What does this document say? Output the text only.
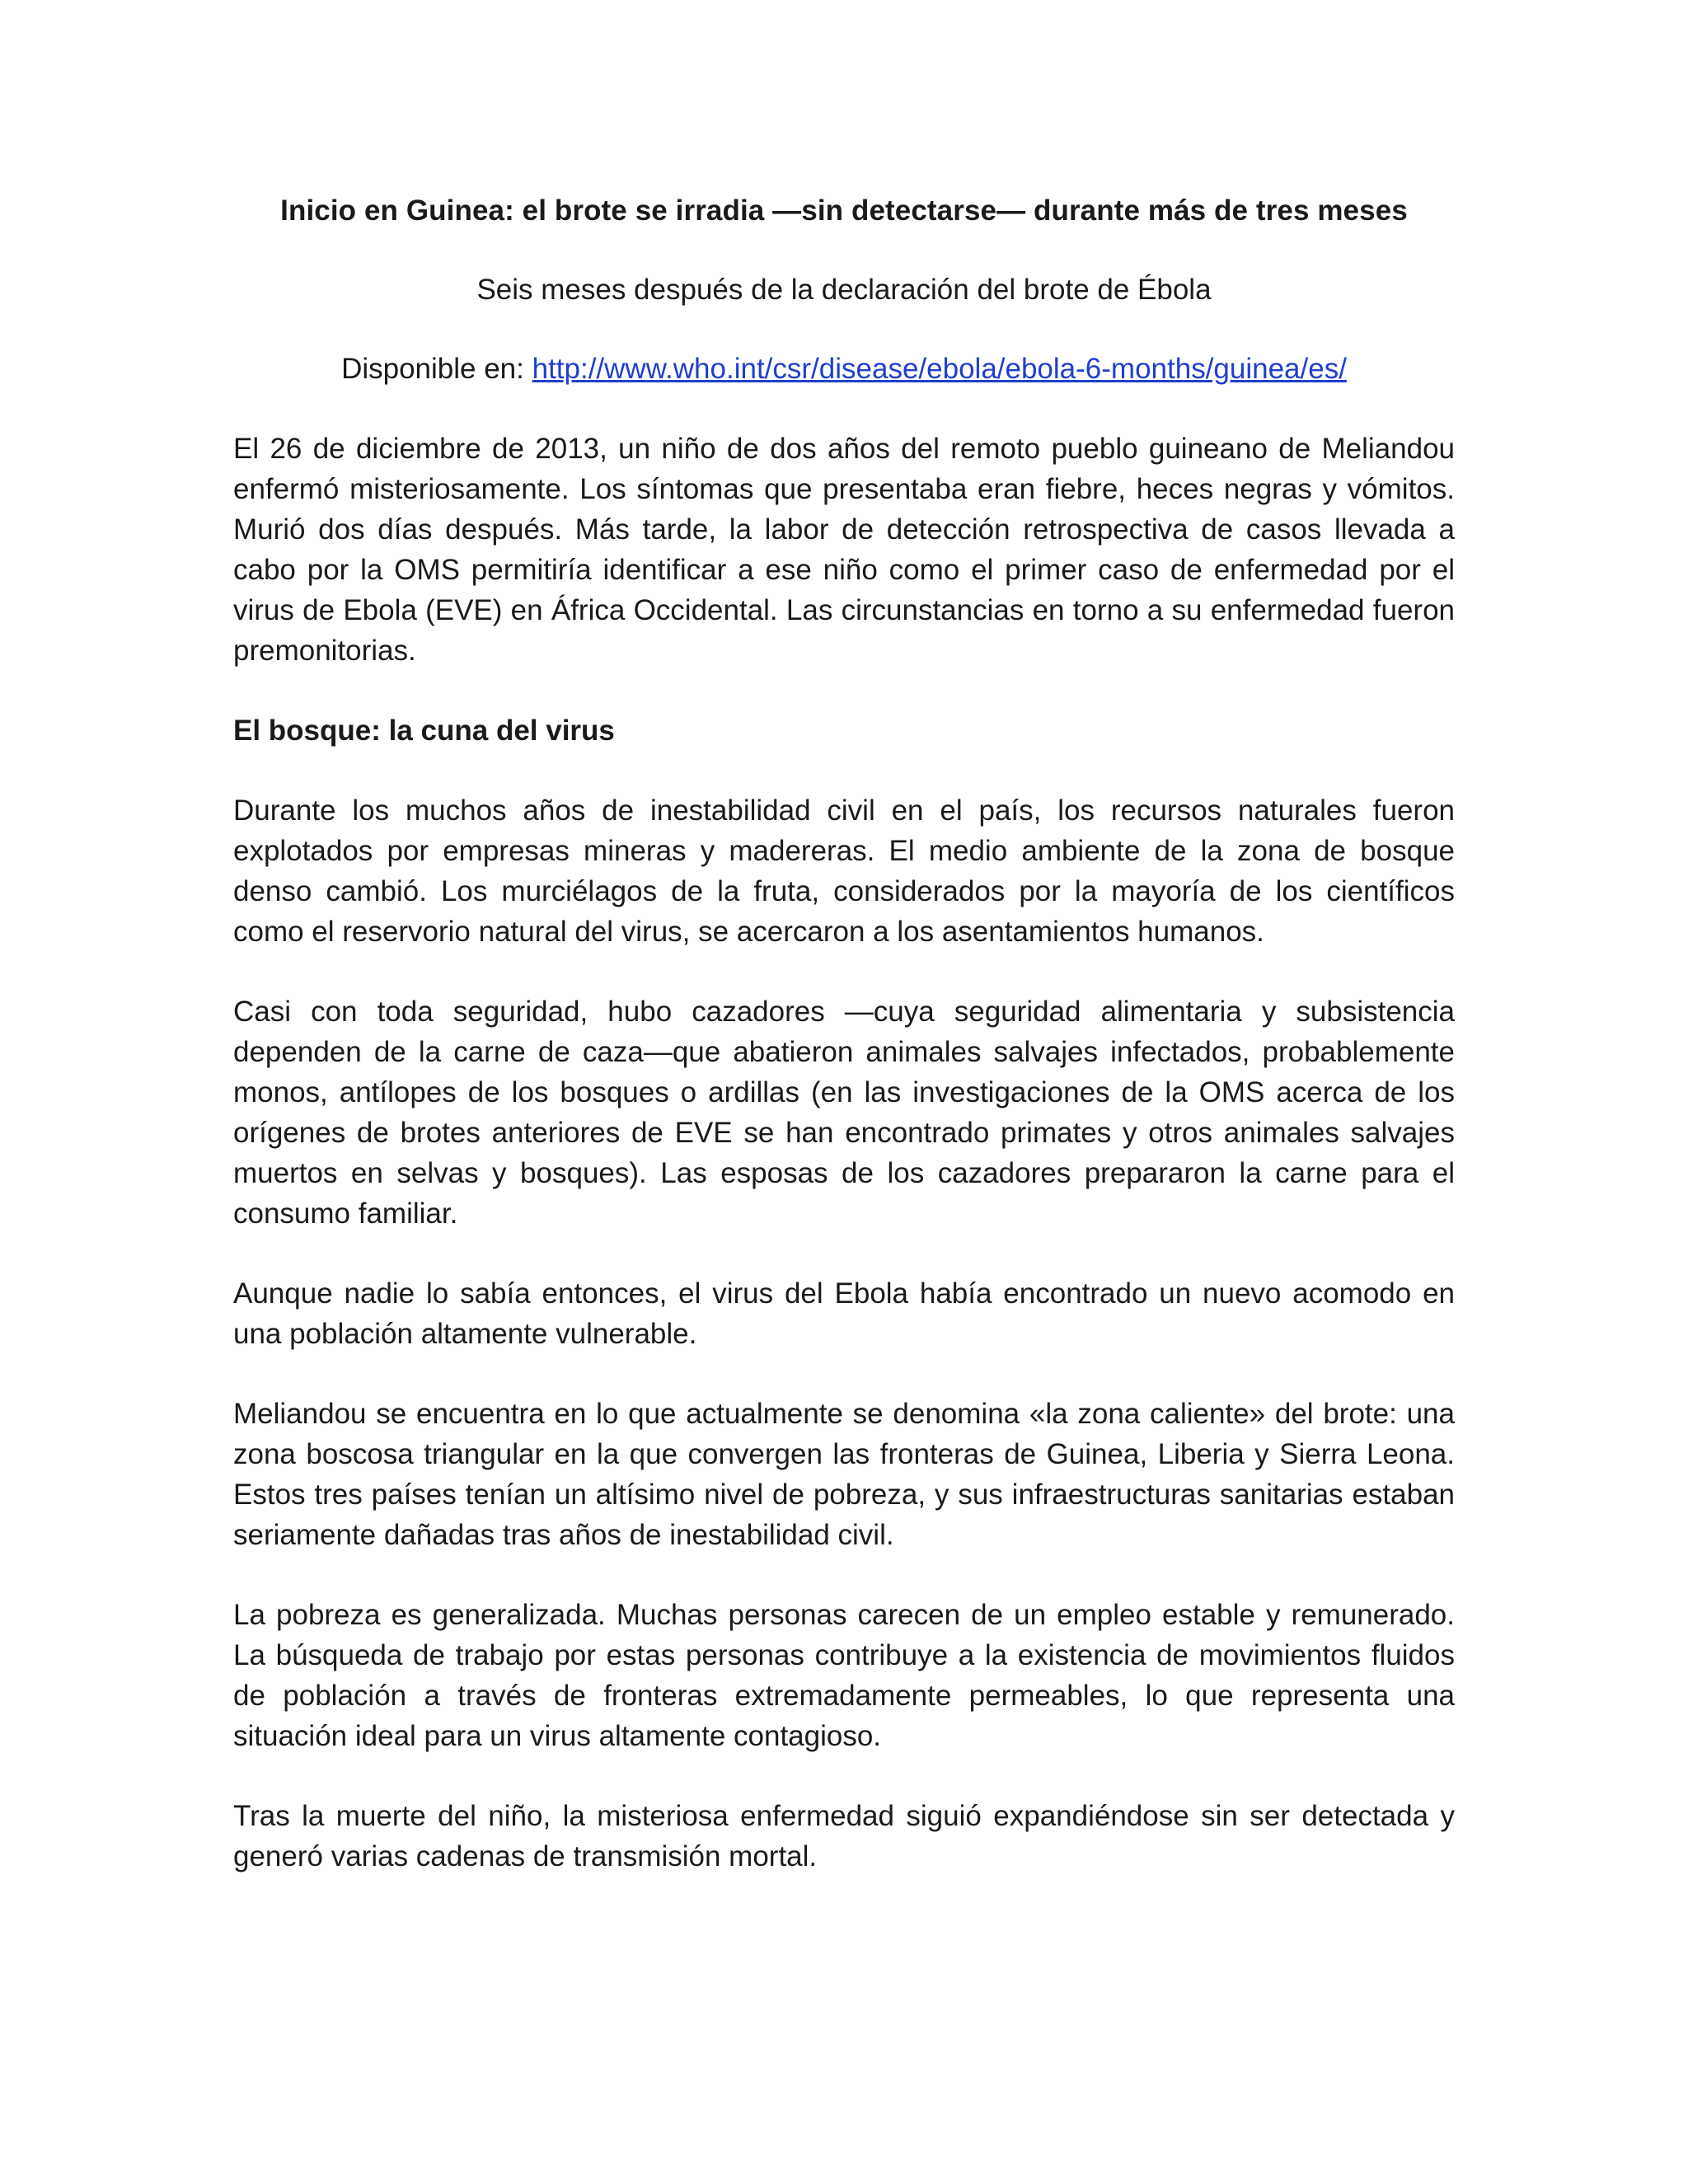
Inicio en Guinea: el brote se irradia —sin detectarse— durante más de tres meses

Seis meses después de la declaración del brote de Ébola

Disponible en: http://www.who.int/csr/disease/ebola/ebola-6-months/guinea/es/

El 26 de diciembre de 2013, un niño de dos años del remoto pueblo guineano de Meliandou enfermó misteriosamente. Los síntomas que presentaba eran fiebre, heces negras y vómitos. Murió dos días después. Más tarde, la labor de detección retrospectiva de casos llevada a cabo por la OMS permitiría identificar a ese niño como el primer caso de enfermedad por el virus de Ebola (EVE) en África Occidental. Las circunstancias en torno a su enfermedad fueron premonitorias.

El bosque: la cuna del virus

Durante los muchos años de inestabilidad civil en el país, los recursos naturales fueron explotados por empresas mineras y madereras. El medio ambiente de la zona de bosque denso cambió. Los murciélagos de la fruta, considerados por la mayoría de los científicos como el reservorio natural del virus, se acercaron a los asentamientos humanos.

Casi con toda seguridad, hubo cazadores —cuya seguridad alimentaria y subsistencia dependen de la carne de caza—que abatieron animales salvajes infectados, probablemente monos, antílopes de los bosques o ardillas (en las investigaciones de la OMS acerca de los orígenes de brotes anteriores de EVE se han encontrado primates y otros animales salvajes muertos en selvas y bosques). Las esposas de los cazadores prepararon la carne para el consumo familiar.

Aunque nadie lo sabía entonces, el virus del Ebola había encontrado un nuevo acomodo en una población altamente vulnerable.

Meliandou se encuentra en lo que actualmente se denomina «la zona caliente» del brote: una zona boscosa triangular en la que convergen las fronteras de Guinea, Liberia y Sierra Leona. Estos tres países tenían un altísimo nivel de pobreza, y sus infraestructuras sanitarias estaban seriamente dañadas tras años de inestabilidad civil.

La pobreza es generalizada. Muchas personas carecen de un empleo estable y remunerado. La búsqueda de trabajo por estas personas contribuye a la existencia de movimientos fluidos de población a través de fronteras extremadamente permeables, lo que representa una situación ideal para un virus altamente contagioso.

Tras la muerte del niño, la misteriosa enfermedad siguió expandiéndose sin ser detectada y generó varias cadenas de transmisión mortal.
